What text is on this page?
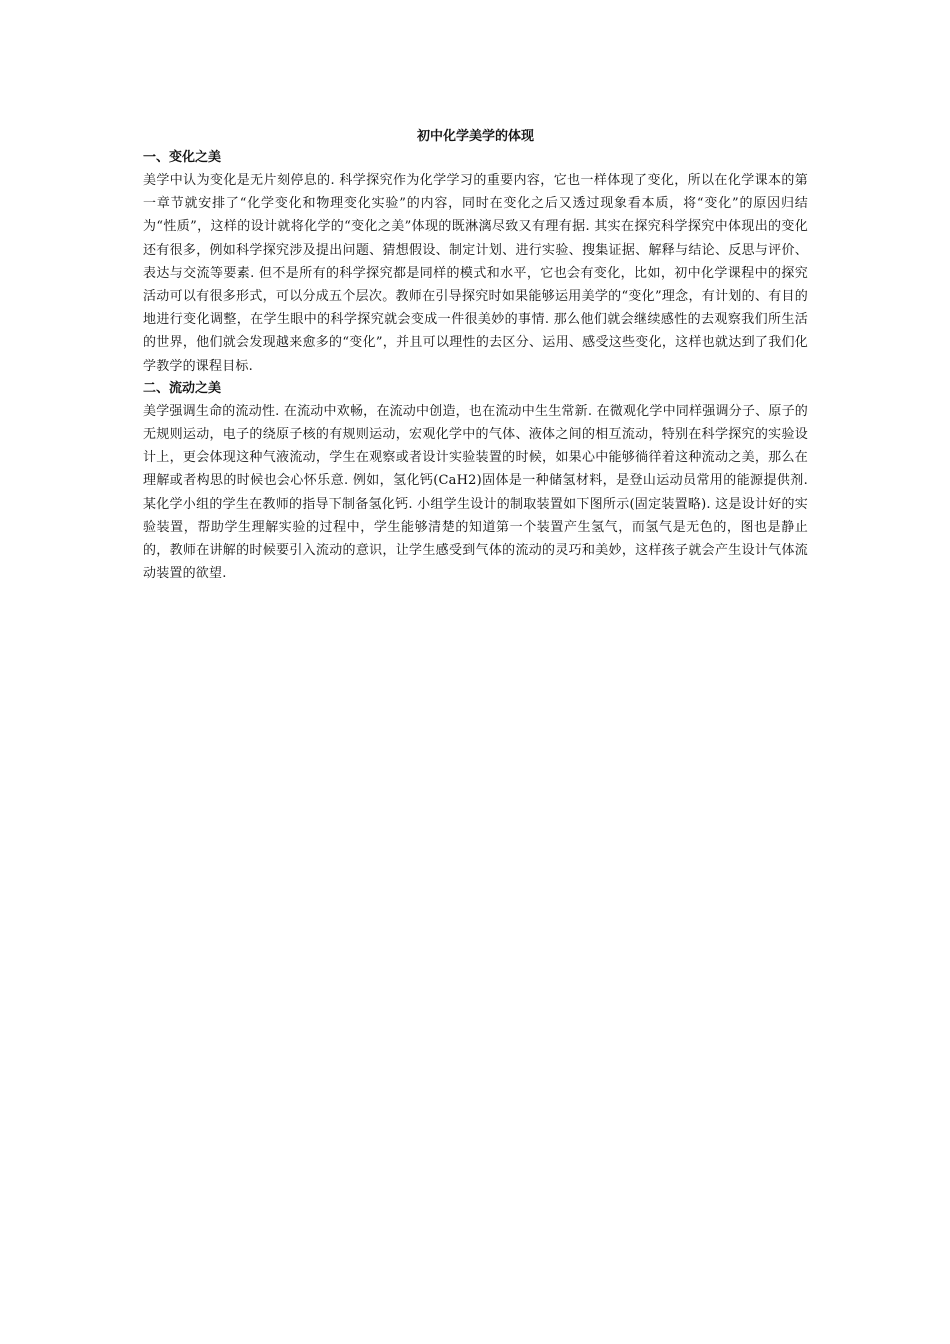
初中化学美学的体现
一、变化之美

美学中认为变化是无片刻停息的. 科学探究作为化学学习的重要内容，它也一样体现了变化，所以在化学课本的第一章节就安排了“化学变化和物理变化实验”的内容，同时在变化之后又透过现象看本质，将“变化”的原因归结为“性质”，这样的设计就将化学的“变化之美”体现的既淋漓尽致又有理有据. 其实在探究科学探究中体现出的变化还有很多，例如科学探究涉及提出问题、猜想假设、制定计划、进行实验、搜集证据、解释与结论、反思与评价、表达与交流等要素. 但不是所有的科学探究都是同样的模式和水平，它也会有变化，比如，初中化学课程中的探究活动可以有很多形式，可以分成五个层次。教师在引导探究时如果能够运用美学的“变化”理念，有计划的、有目的地进行变化调整，在学生眼中的科学探究就会变成一件很美妙的事情. 那么他们就会继续感性的去观察我们所生活的世界，他们就会发现越来愈多的“变化”，并且可以理性的去区分、运用、感受这些变化，这样也就达到了我们化学教学的课程目标.

二、流动之美

美学强调生命的流动性. 在流动中欢畅，在流动中创造，也在流动中生生常新. 在微观化学中同样强调分子、原子的无规则运动，电子的绕原子核的有规则运动，宏观化学中的气体、液体之间的相互流动，特别在科学探究的实验设计上，更会体现这种气液流动，学生在观察或者设计实验装置的时候，如果心中能够徜徉着这种流动之美，那么在理解或者构思的时候也会心怀乐意. 例如，氢化钙(CaH2)固体是一种储氢材料，是登山运动员常用的能源提供剂. 某化学小组的学生在教师的指导下制备氢化钙. 小组学生设计的制取装置如下图所示(固定装置略). 这是设计好的实验装置，帮助学生理解实验的过程中，学生能够清楚的知道第一个装置产生氢气，而氢气是无色的，图也是静止的，教师在讲解的时候要引入流动的意识，让学生感受到气体的流动的灵巧和美妙，这样孩子就会产生设计气体流动装置的欲望.
